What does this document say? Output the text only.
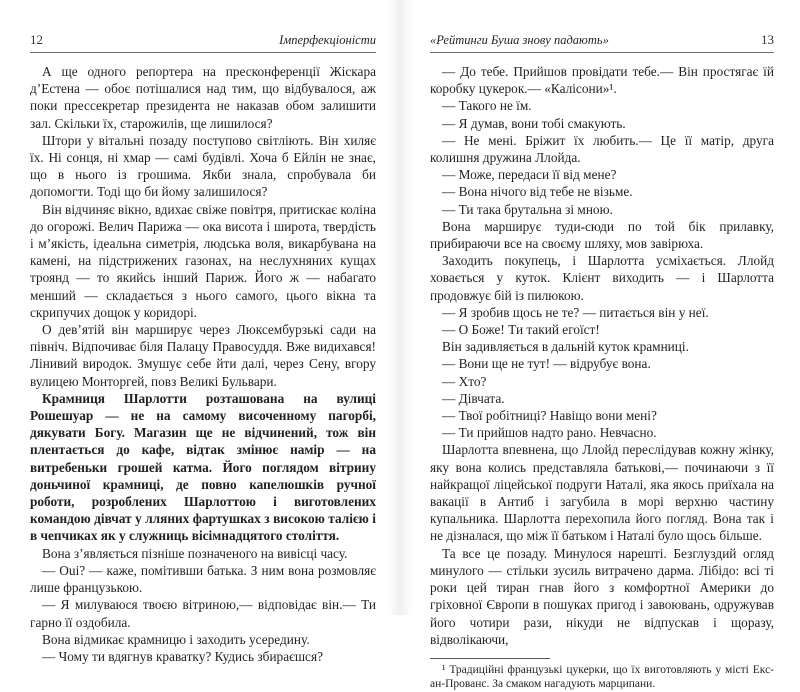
12	Імперфекціоністи

А ще одного репортера на пресконференції Жіскара д’Естена — обоє потішалися над тим, що відбувалося, аж поки прессекретар президента не наказав обом залишити зал. Скільки їх, старожилів, ще лишилося?

Штори у вітальні позаду поступово світліють. Він хиляє їх. Ні сонця, ні хмар — самі будівлі. Хоча б Ейлін не знає, що в нього із грошима. Якби знала, спробувала би допомогти. Тоді що би йому залишилося?

Він відчиняє вікно, вдихає свіже повітря, притискає коліна до огорожі. Велич Парижа — ока висота і широта, твердість і м’якість, ідеальна симетрія, людська воля, викарбувана на камені, на підстрижених газонах, на неслухняних кущах троянд — то якийсь інший Париж. Його ж — набагато менший — складається з нього самого, цього вікна та скрипучих дощок у коридорі.

О дев’ятій він марширує через Люксембурзькі сади на північ. Відпочиває біля Палацу Правосуддя. Вже видихався! Лінивий виродок. Змушує себе йти далі, через Сену, вгору вулицею Монторгей, повз Великі Бульвари.

Крамниця Шарлотти розташована на вулиці Рошешуар — не на самому височенному пагорбі, дякувати Богу. Магазин ще не відчинений, тож він плентається до кафе, відтак змінює намір — на витребеньки грошей катма. Його поглядом вітрину доньчиної крамниці, де повно капелюшків ручної роботи, розроблених Шарлоттою і виготовлених командою дівчат у лляних фартушках з високою талією і в чепчиках як у служниць вісімнадцятого століття.

Вона з’являється пізніше позначеного на вивісці часу.

— Oui? — каже, помітивши батька. З ним вона розмовляє лише французькою.

— Я милуваюся твоєю вітриною,— відповідає він.— Ти гарно її оздобила.

Вона відмикає крамницю і заходить усередину.

— Чому ти вдягнув краватку? Кудись збираєшся?

«Рейтинги Буша знову падають»	13

— До тебе. Прийшов провідати тебе.— Він простягає їй коробку цукерок.— «Калісони»¹.

— Такого не їм.

— Я думав, вони тобі смакують.

— Не мені. Бріжит їх любить.— Це її матір, друга колишня дружина Ллойда.

— Може, передаси її від мене?

— Вона нічого від тебе не візьме.

— Ти така брутальна зі мною.

Вона марширує туди-сюди по той бік прилавку, прибираючи все на своєму шляху, мов завірюха.

Заходить покупець, і Шарлотта усміхається. Ллойд ховається у куток. Клієнт виходить — і Шарлотта продовжує бій із пилюкою.

— Я зробив щось не те? — питається він у неї.

— О Боже! Ти такий егоїст!

Він задивляється в дальній куток крамниці.

— Вони ще не тут! — відрубує вона.

— Хто?

— Дівчата.

— Твої робітниці? Навіщо вони мені?

— Ти прийшов надто рано. Невчасно.

Шарлотта впевнена, що Ллойд переслідував кожну жінку, яку вона колись представляла батькові,— починаючи з її найкращої ліцейської подруги Наталі, яка якось приїхала на вакації в Антиб і загубила в морі верхню частину купальника. Шарлотта перехопила його погляд. Вона так і не дізналася, що між її батьком і Наталі було щось більше.

Та все це позаду. Минулося нарешті. Безглуздий огляд минулого — стільки зусиль витрачено дарма. Лібідо: всі ті роки цей тиран гнав його з комфортної Америки до гріховної Європи в пошуках пригод і завоювань, одружував його чотири рази, нікуди не відпускав і щоразу, відволікаючи,

¹ Традиційні французькі цукерки, що їх виготовляють у місті Екс-ан-Прованс. За смаком нагадують марципани.
